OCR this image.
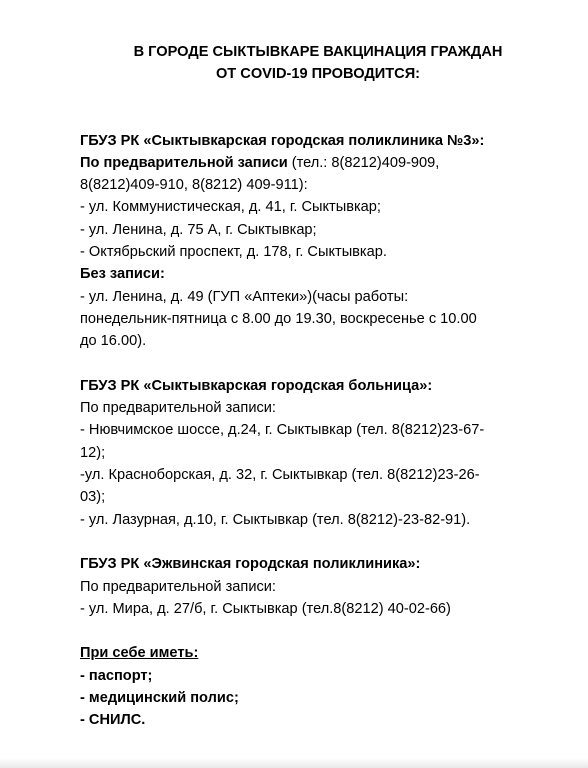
В ГОРОДЕ СЫКТЫВКАРЕ ВАКЦИНАЦИЯ ГРАЖДАН
ОТ COVID-19 ПРОВОДИТСЯ:
ГБУЗ РК «Сыктывкарская городская поликлиника №3»:
По предварительной записи (тел.: 8(8212)409-909,
8(8212)409-910, 8(8212) 409-911):
- ул. Коммунистическая, д. 41, г. Сыктывкар;
- ул. Ленина, д. 75 А, г. Сыктывкар;
- Октябрьский проспект, д. 178, г. Сыктывкар.
Без записи:
- ул. Ленина, д. 49 (ГУП «Аптеки»)(часы работы:
понедельник-пятница с 8.00 до 19.30, воскресенье с 10.00
до 16.00).
ГБУЗ РК «Сыктывкарская городская больница»:
По предварительной записи:
- Нювчимское шоссе, д.24, г. Сыктывкар (тел. 8(8212)23-67-
12);
-ул. Красноборская, д. 32, г. Сыктывкар (тел. 8(8212)23-26-
03);
- ул. Лазурная, д.10, г. Сыктывкар (тел. 8(8212)-23-82-91).
ГБУЗ РК «Эжвинская городская поликлиника»:
По предварительной записи:
- ул. Мира, д. 27/б, г. Сыктывкар (тел.8(8212) 40-02-66)
При себе иметь:
- паспорт;
- медицинский полис;
- СНИЛС.
